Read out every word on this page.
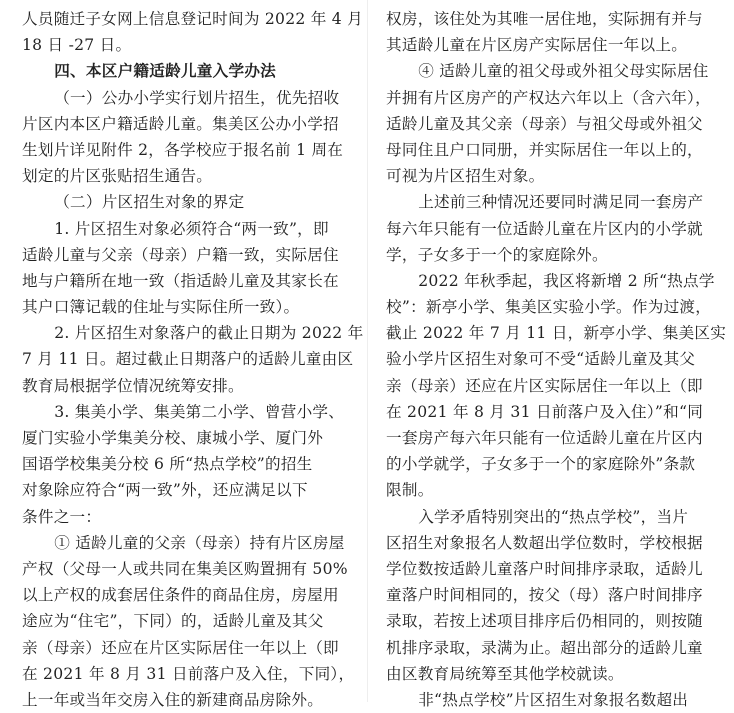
人员随迁子女网上信息登记时间为 2022 年 4 月
18 日 -27 日。
四、本区户籍适龄儿童入学办法
（一）公办小学实行划片招生，优先招收
片区内本区户籍适龄儿童。集美区公办小学招
生划片详见附件 2，各学校应于报名前 1 周在
划定的片区张贴招生通告。
（二）片区招生对象的界定
1. 片区招生对象必须符合“两一致”，即
适龄儿童与父亲（母亲）户籍一致，实际居住
地与户籍所在地一致（指适龄儿童及其家长在
其户口簿记载的住址与实际住所一致）。
2. 片区招生对象落户的截止日期为 2022 年
7 月 11 日。超过截止日期落户的适龄儿童由区
教育局根据学位情况统筹安排。
3. 集美小学、集美第二小学、曾营小学、
厦门实验小学集美分校、康城小学、厦门外
国语学校集美分校 6 所“热点学校”的招生
对象除应符合“两一致”外，还应满足以下
条件之一：
① 适龄儿童的父亲（母亲）持有片区房屋
产权（父母一人或共同在集美区购置拥有 50%
以上产权的成套居住条件的商品住房，房屋用
途应为“住宅”，下同）的，适龄儿童及其父
亲（母亲）还应在片区实际居住一年以上（即
在 2021 年 8 月 31 日前落户及入住，下同），
上一年或当年交房入住的新建商品房除外。
权房，该住处为其唯一居住地，实际拥有并与
其适龄儿童在片区房产实际居住一年以上。
④ 适龄儿童的祖父母或外祖父母实际居住
并拥有片区房产的产权达六年以上（含六年），
适龄儿童及其父亲（母亲）与祖父母或外祖父
母同住且户口同册，并实际居住一年以上的，
可视为片区招生对象。
上述前三种情况还要同时满足同一套房产
每六年只能有一位适龄儿童在片区内的小学就
学，子女多于一个的家庭除外。
2022 年秋季起，我区将新增 2 所“热点学
校”：新亭小学、集美区实验小学。作为过渡，
截止 2022 年 7 月 11 日，新亭小学、集美区实
验小学片区招生对象可不受“适龄儿童及其父
亲（母亲）还应在片区实际居住一年以上（即
在 2021 年 8 月 31 日前落户及入住）”和“同
一套房产每六年只能有一位适龄儿童在片区内
的小学就学，子女多于一个的家庭除外”条款
限制。
入学矛盾特别突出的“热点学校”，当片
区招生对象报名人数超出学位数时，学校根据
学位数按适龄儿童落户时间排序录取，适龄儿
童落户时间相同的，按父（母）落户时间排序
录取，若按上述项目排序后仍相同的，则按随
机排序录取，录满为止。超出部分的适龄儿童
由区教育局统筹至其他学校就读。
非“热点学校”片区招生对象报名数超出
